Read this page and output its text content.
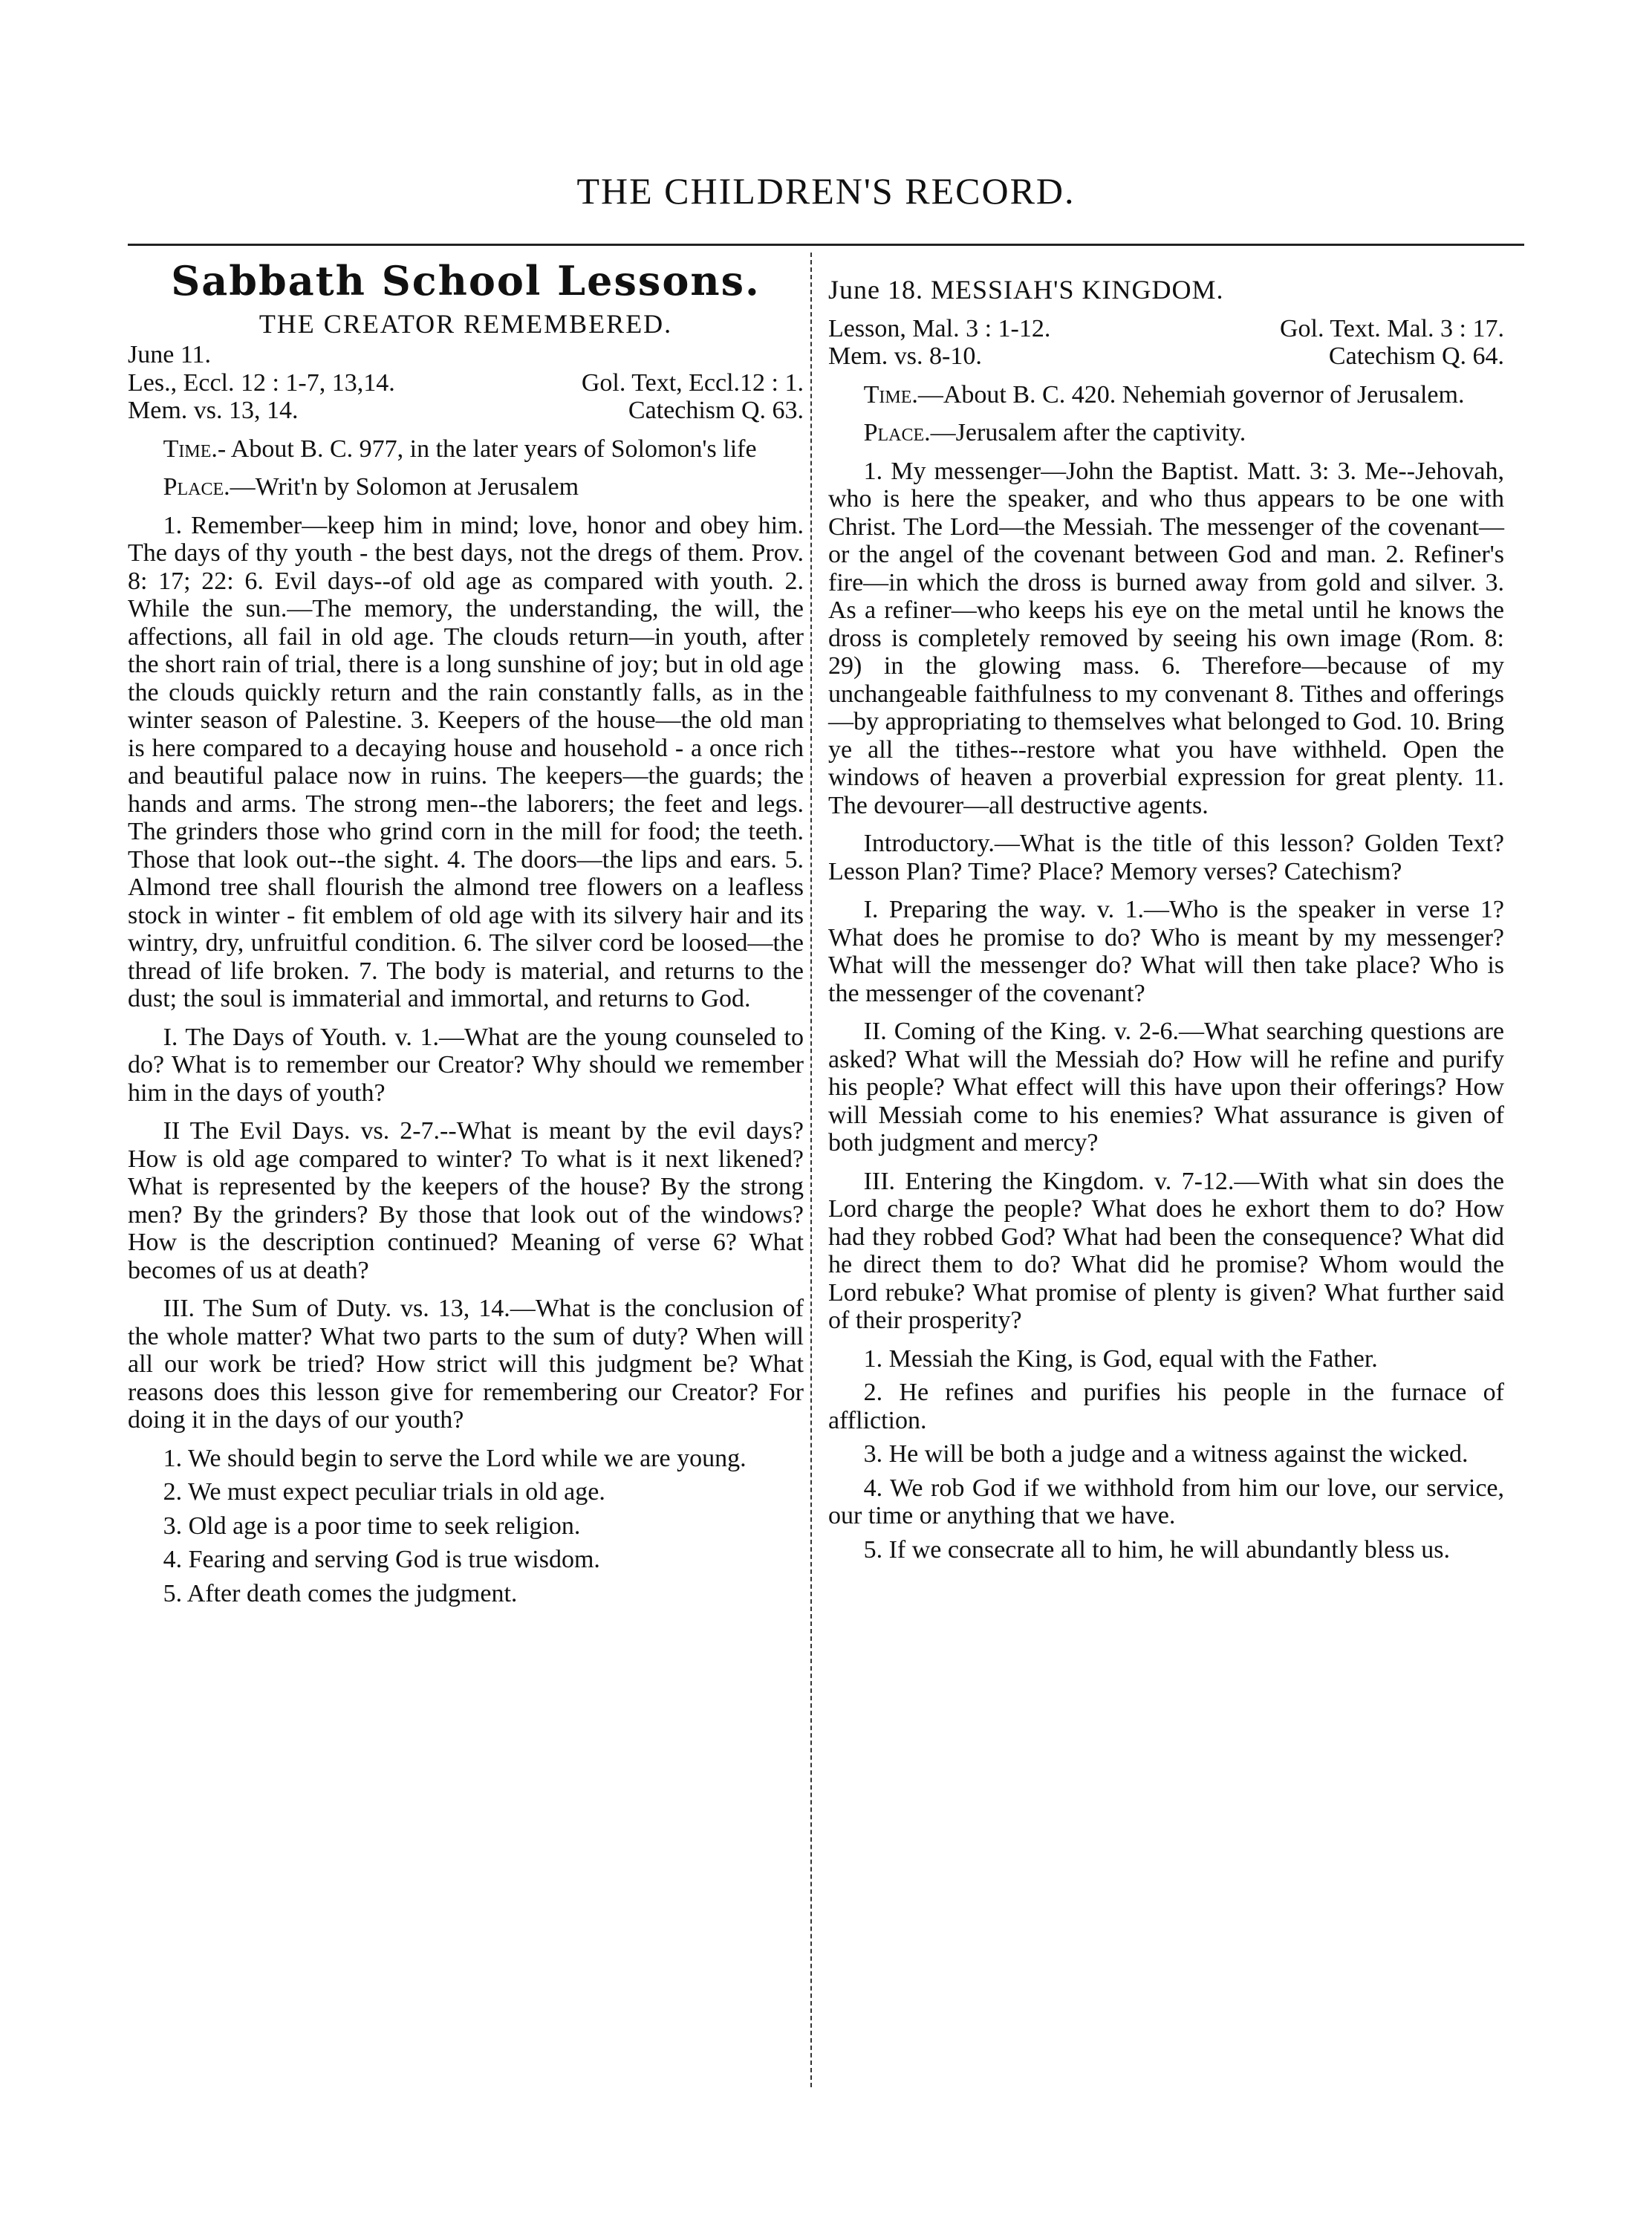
THE CHILDREN'S RECORD.
Sabbath School Lessons.
THE CREATOR REMEMBERED.
June 11.
Les., Eccl. 12 : 1-7, 13,14.	Gol. Text, Eccl.12 : 1.
Mem. vs. 13, 14.	Catechism Q. 63.

Time.- About B. C. 977, in the later years of Solomon's life

Place.—Writ'n by Solomon at Jerusalem

1. Remember—keep him in mind; love, honor and obey him. The days of thy youth - the best days, not the dregs of them. Prov. 8: 17; 22: 6. Evil days--of old age as compared with youth. 2. While the sun.—The memory, the understanding, the will, the affections, all fail in old age. The clouds return—in youth, after the short rain of trial, there is a long sunshine of joy; but in old age the clouds quickly return and the rain constantly falls, as in the winter season of Palestine. 3. Keepers of the house—the old man is here compared to a decaying house and household - a once rich and beautiful palace now in ruins. The keepers—the guards; the hands and arms. The strong men--the laborers; the feet and legs. The grinders those who grind corn in the mill for food; the teeth. Those that look out--the sight. 4. The doors—the lips and ears. 5. Almond tree shall flourish the almond tree flowers on a leafless stock in winter - fit emblem of old age with its silvery hair and its wintry, dry, unfruitful condition. 6. The silver cord be loosed—the thread of life broken. 7. The body is material, and returns to the dust; the soul is immaterial and immortal, and returns to God.

I. The Days of Youth. v. 1.—What are the young counseled to do? What is to remember our Creator? Why should we remember him in the days of youth?

II The Evil Days. vs. 2-7.--What is meant by the evil days? How is old age compared to winter? To what is it next likened? What is represented by the keepers of the house? By the strong men? By the grinders? By those that look out of the windows? How is the description continued? Meaning of verse 6? What becomes of us at death?

III. The Sum of Duty. vs. 13, 14.—What is the conclusion of the whole matter? What two parts to the sum of duty? When will all our work be tried? How strict will this judgment be? What reasons does this lesson give for remembering our Creator? For doing it in the days of our youth?

1. We should begin to serve the Lord while we are young.
2. We must expect peculiar trials in old age.
3. Old age is a poor time to seek religion.
4. Fearing and serving God is true wisdom.
5. After death comes the judgment.
June 18. MESSIAH'S KINGDOM.
Lesson, Mal. 3 : 1-12.	Gol. Text. Mal. 3 : 17.
Mem. vs. 8-10.	Catechism Q. 64.

Time.—About B. C. 420. Nehemiah governor of Jerusalem.

Place.—Jerusalem after the captivity.

1. My messenger—John the Baptist. Matt. 3: 3. Me--Jehovah, who is here the speaker, and who thus appears to be one with Christ. The Lord—the Messiah. The messenger of the covenant—or the angel of the covenant between God and man. 2. Refiner's fire—in which the dross is burned away from gold and silver. 3. As a refiner—who keeps his eye on the metal until he knows the dross is completely removed by seeing his own image (Rom. 8: 29) in the glowing mass. 6. Therefore—because of my unchangeable faithfulness to my convenant 8. Tithes and offerings—by appropriating to themselves what belonged to God. 10. Bring ye all the tithes--restore what you have withheld. Open the windows of heaven a proverbial expression for great plenty. 11. The devourer—all destructive agents.

Introductory.—What is the title of this lesson? Golden Text? Lesson Plan? Time? Place? Memory verses? Catechism?

I. Preparing the way. v. 1.—Who is the speaker in verse 1? What does he promise to do? Who is meant by my messenger? What will the messenger do? What will then take place? Who is the messenger of the covenant?

II. Coming of the King. v. 2-6.—What searching questions are asked? What will the Messiah do? How will he refine and purify his people? What effect will this have upon their offerings? How will Messiah come to his enemies? What assurance is given of both judgment and mercy?

III. Entering the Kingdom. v. 7-12.—With what sin does the Lord charge the people? What does he exhort them to do? How had they robbed God? What had been the consequence? What did he direct them to do? What did he promise? Whom would the Lord rebuke? What promise of plenty is given? What further said of their prosperity?

1. Messiah the King, is God, equal with the Father.
2. He refines and purifies his people in the furnace of affliction.
3. He will be both a judge and a witness against the wicked.
4. We rob God if we withhold from him our love, our service, our time or anything that we have.
5. If we consecrate all to him, he will abundantly bless us.
